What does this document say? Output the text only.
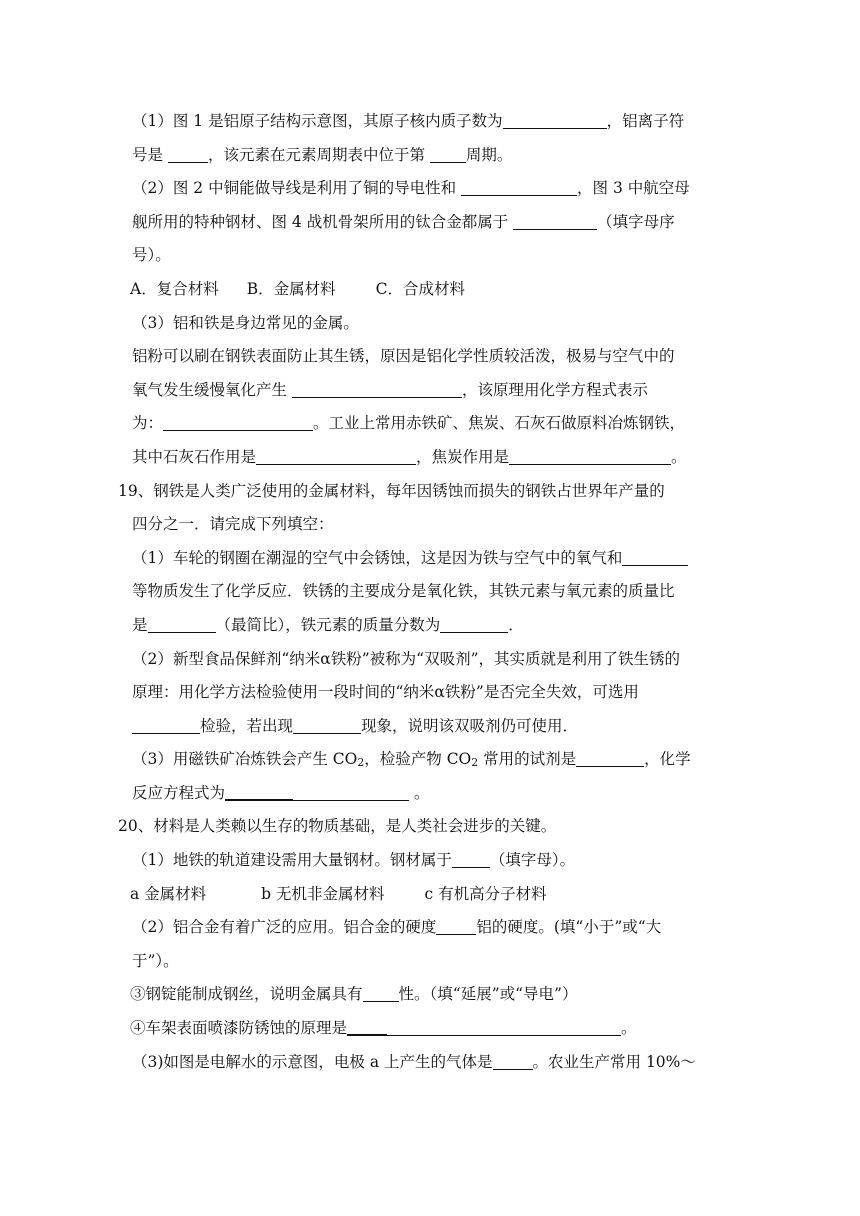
（1）图 1 是铝原子结构示意图，其原子核内质子数为	，铝离子符
号是	，该元素在元素周期表中位于第	周期。
（2）图 2 中铜能做导线是利用了铜的导电性和	，图 3 中航空母
舰所用的特种钢材、图 4 战机骨架所用的钛合金都属于	（填字母序
号）。
A．复合材料 B．金属材料	C．合成材料
（3）铝和铁是身边常见的金属。
铝粉可以刷在钢铁表面防止其生锈，原因是铝化学性质较活泼，极易与空气中的
氧气发生缓慢氧化产生	，该原理用化学方程式表示
为：	。工业上常用赤铁矿、焦炭、石灰石做原料冶炼钢铁，
其中石灰石作用是	，焦炭作用是	。
19、钢铁是人类广泛使用的金属材料，每年因锈蚀而损失的钢铁占世界年产量的
四分之一．请完成下列填空：
（1）车轮的钢圈在潮湿的空气中会锈蚀，这是因为铁与空气中的氧气和
等物质发生了化学反应．铁锈的主要成分是氧化铁，其铁元素与氧元素的质量比
是	（最简比），铁元素的质量分数为	．
（2）新型食品保鲜剂“纳米α铁粉”被称为“双吸剂”，其实质就是利用了铁生锈的
原理：用化学方法检验使用一段时间的“纳米α铁粉”是否完全失效，可选用
检验，若出现	现象，说明该双吸剂仍可使用．
（3）用磁铁矿冶炼铁会产生 $CO_2$，检验产物 $CO_2$ 常用的试剂是	，化学
反应方程式为	。
20、材料是人类赖以生存的物质基础，是人类社会进步的关键。
（1）地铁的轨道建设需用大量钢材。钢材属于 （填字母）。
a 金属材料	b 无机非金属材料	c 有机高分子材料
（2）铝合金有着广泛的应用。铝合金的硬度	铝的硬度。(填“小于”或“大
于”）。
③钢锭能制成钢丝，说明金属具有 性。（填“延展”或“导电”）
④车架表面喷漆防锈蚀的原理是	。
（3)如图是电解水的示意图，电极 a 上产生的气体是	。农业生产常用 10%～
